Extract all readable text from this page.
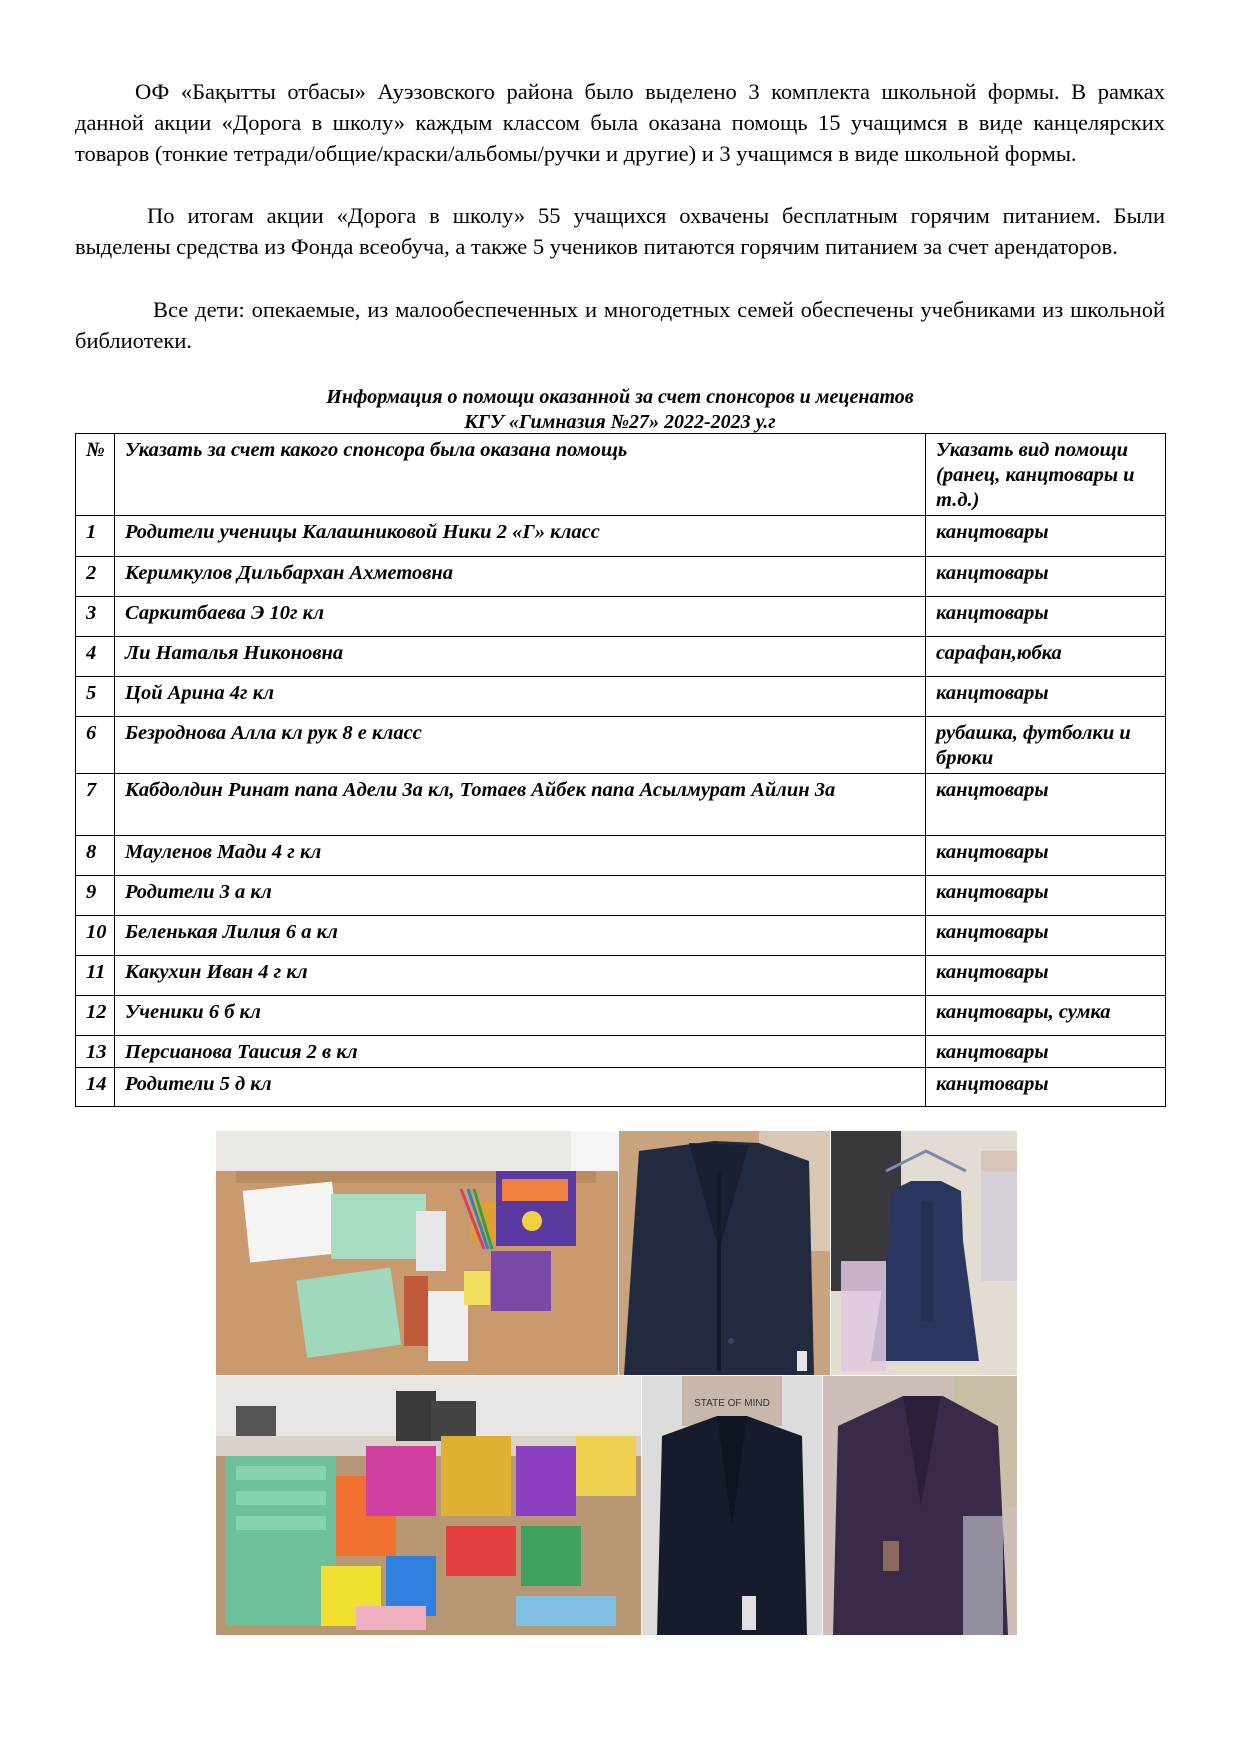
ОФ «Бақытты отбасы» Ауэзовского района было выделено 3 комплекта школьной формы. В рамках данной акции «Дорога в школу» каждым классом была оказана помощь 15 учащимся в виде канцелярских товаров (тонкие тетради/общие/краски/альбомы/ручки и другие) и 3 учащимся в виде школьной формы.

По итогам акции «Дорога в школу» 55 учащихся охвачены бесплатным горячим питанием. Были выделены средства из Фонда всеобуча, а также 5 учеников питаются горячим питанием за счет арендаторов.

Все дети: опекаемые, из малообеспеченных и многодетных семей обеспечены учебниками из школьной библиотеки.

Информация о помощи оказанной за счет спонсоров и меценатов
КГУ «Гимназия №27» 2022-2023 у.г
№	Указать за счет какого спонсора была оказана помощь	Указать вид помощи (ранец, канцтовары и т.д.)
1	Родители ученицы Калашниковой Ники 2 «Г» класс	канцтовары
2	Керимкулов Дильбархан Ахметовна	канцтовары
3	Саркитбаева Э 10г кл	канцтовары
4	Ли Наталья Никоновна	сарафан,юбка
5	Цой Арина 4г кл	канцтовары
6	Безроднова Алла кл рук 8 е класс	рубашка, футболки и брюки
7	Кабдолдин Ринат папа Адели 3а кл, Тотаев Айбек папа Асылмурат Айлин 3а	канцтовары
8	Мауленов Мади 4 г кл	канцтовары
9	Родители 3 а кл	канцтовары
10	Беленькая Лилия 6 а кл	канцтовары
11	Какухин Иван 4 г кл	канцтовары
12	Ученики 6 б кл	канцтовары, сумка
13	Персианова Таисия 2 в кл	канцтовары
14	Родители 5 д кл	канцтовары
STATE OF MIND
